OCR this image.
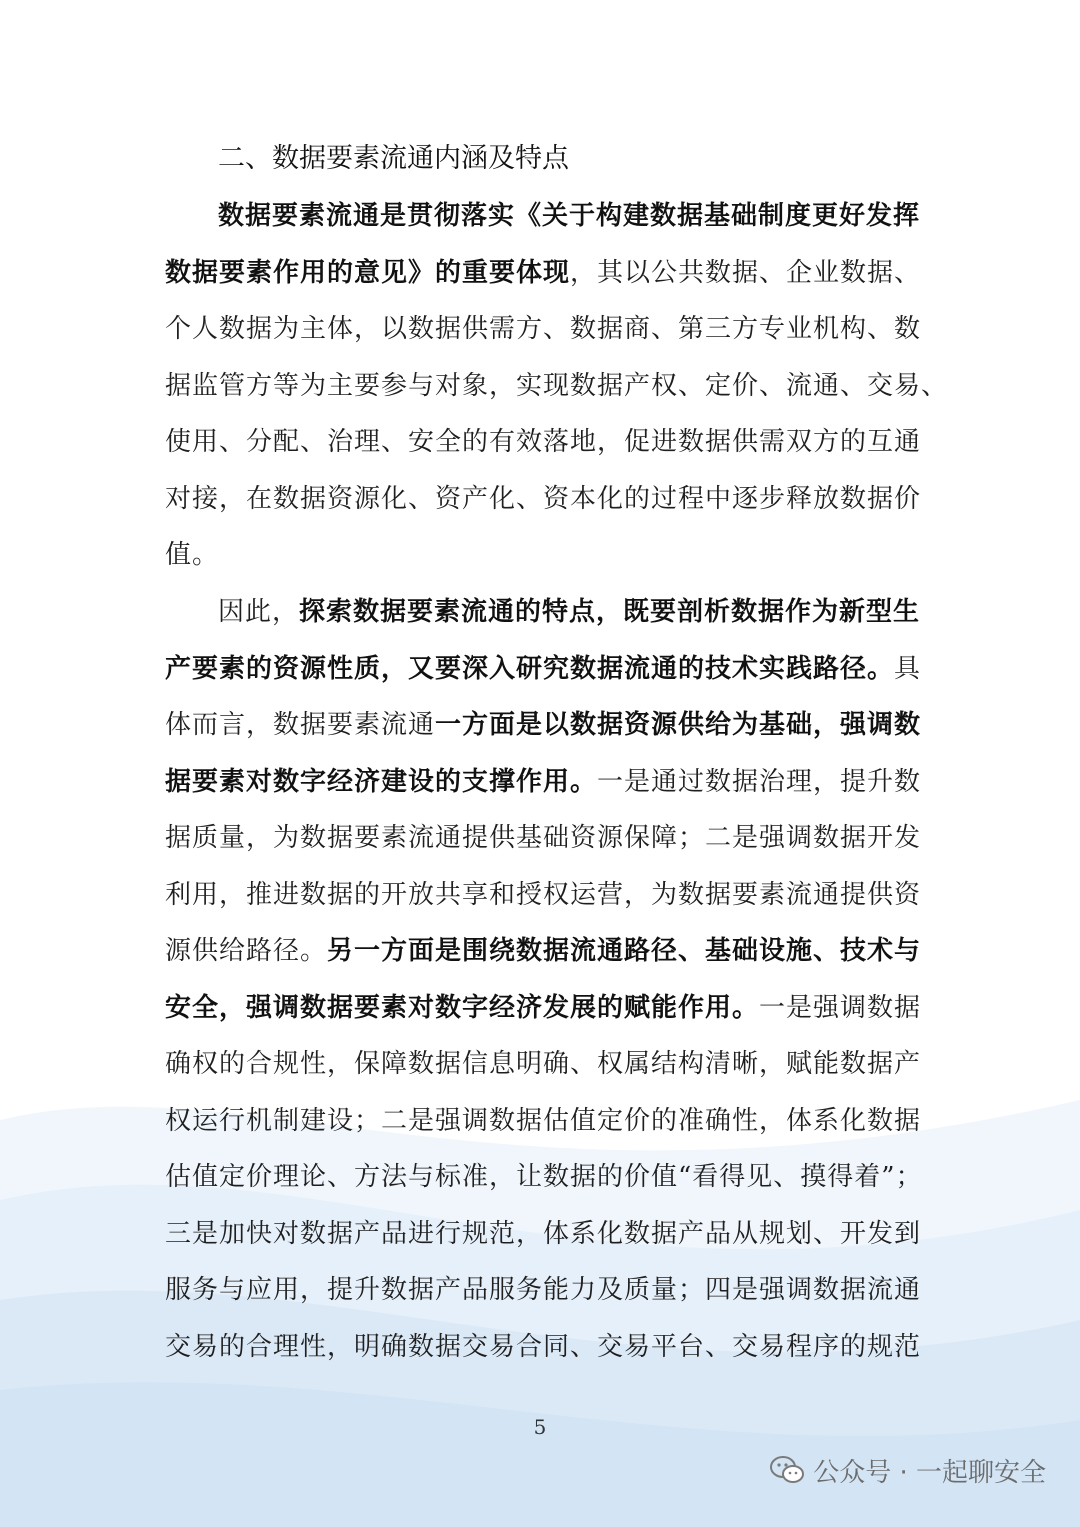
二、数据要素流通内涵及特点
数据要素流通是贯彻落实《关于构建数据基础制度更好发挥
数据要素作用的意见》的重要体现，其以公共数据、企业数据、
个人数据为主体，以数据供需方、数据商、第三方专业机构、数
据监管方等为主要参与对象，实现数据产权、定价、流通、交易、
使用、分配、治理、安全的有效落地，促进数据供需双方的互通
对接，在数据资源化、资产化、资本化的过程中逐步释放数据价
值。
因此，探索数据要素流通的特点，既要剖析数据作为新型生
产要素的资源性质，又要深入研究数据流通的技术实践路径。具
体而言，数据要素流通一方面是以数据资源供给为基础，强调数
据要素对数字经济建设的支撑作用。一是通过数据治理，提升数
据质量，为数据要素流通提供基础资源保障；二是强调数据开发
利用，推进数据的开放共享和授权运营，为数据要素流通提供资
源供给路径。另一方面是围绕数据流通路径、基础设施、技术与
安全，强调数据要素对数字经济发展的赋能作用。一是强调数据
确权的合规性，保障数据信息明确、权属结构清晰，赋能数据产
权运行机制建设；二是强调数据估值定价的准确性，体系化数据
估值定价理论、方法与标准，让数据的价值“看得见、摸得着”；
三是加快对数据产品进行规范，体系化数据产品从规划、开发到
服务与应用，提升数据产品服务能力及质量；四是强调数据流通
交易的合理性，明确数据交易合同、交易平台、交易程序的规范
5
公众号 · 一起聊安全
